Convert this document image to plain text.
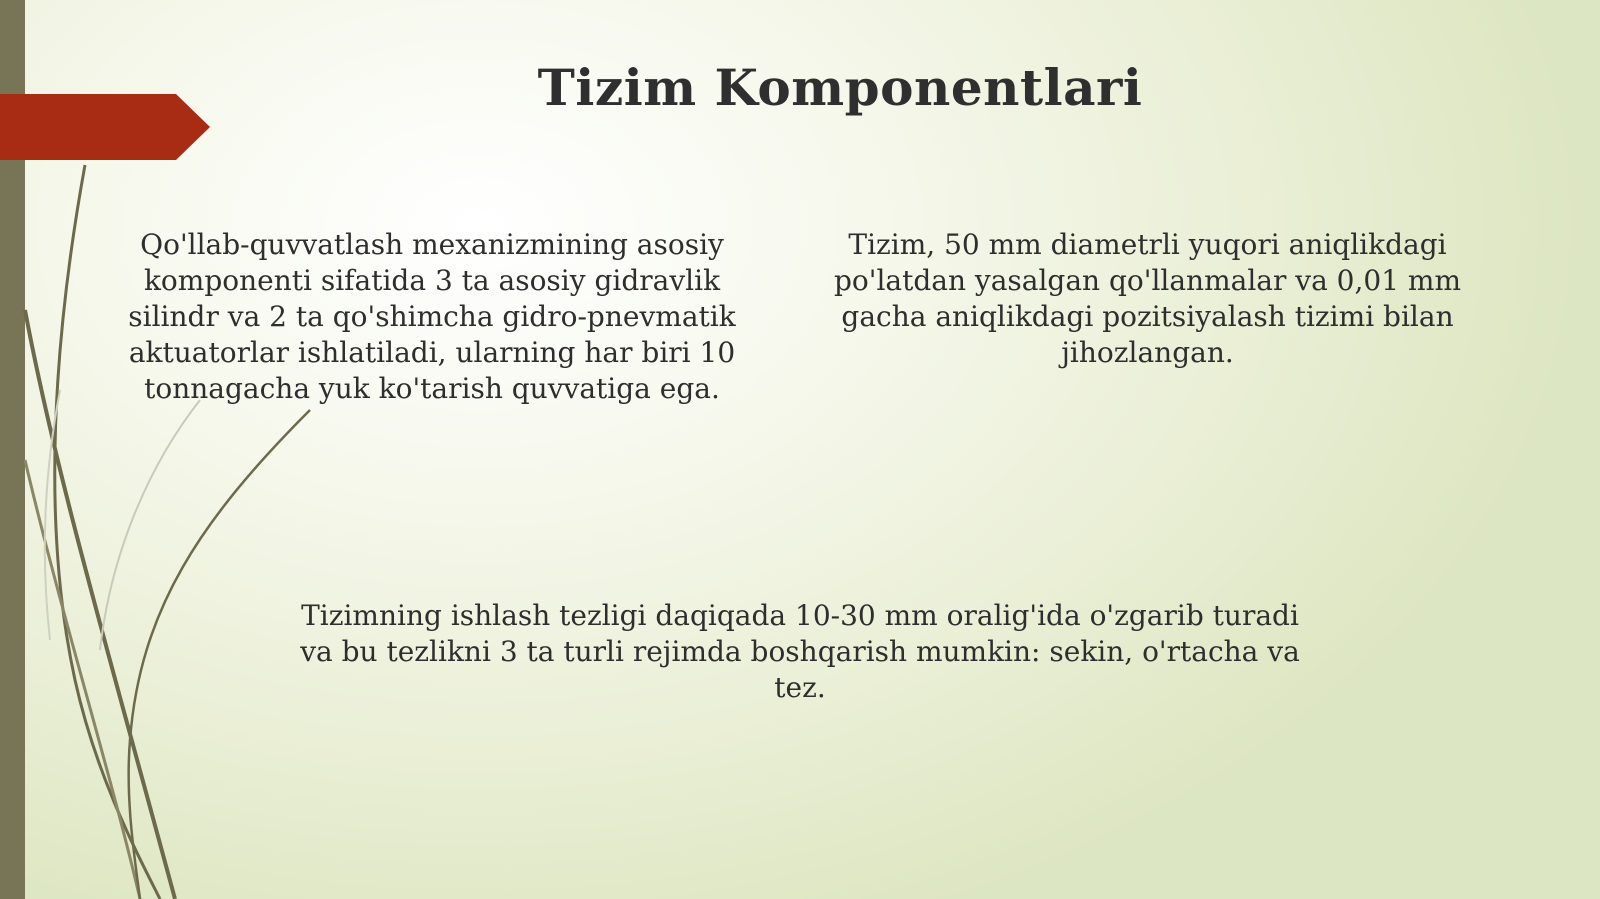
Tizim Komponentlari
Qo'llab-quvvatlash mexanizmining asosiy komponenti sifatida 3 ta asosiy gidravlik silindr va 2 ta qo'shimcha gidro-pnevmatik aktuatorlar ishlatiladi, ularning har biri 10 tonnagacha yuk ko'tarish quvvatiga ega.
Tizim, 50 mm diametrli yuqori aniqlikdagi po'latdan yasalgan qo'llanmalar va 0,01 mm gacha aniqlikdagi pozitsiyalash tizimi bilan jihozlangan.
Tizimning ishlash tezligi daqiqada 10-30 mm oralig'ida o'zgarib turadi va bu tezlikni 3 ta turli rejimda boshqarish mumkin: sekin, o'rtacha va tez.
